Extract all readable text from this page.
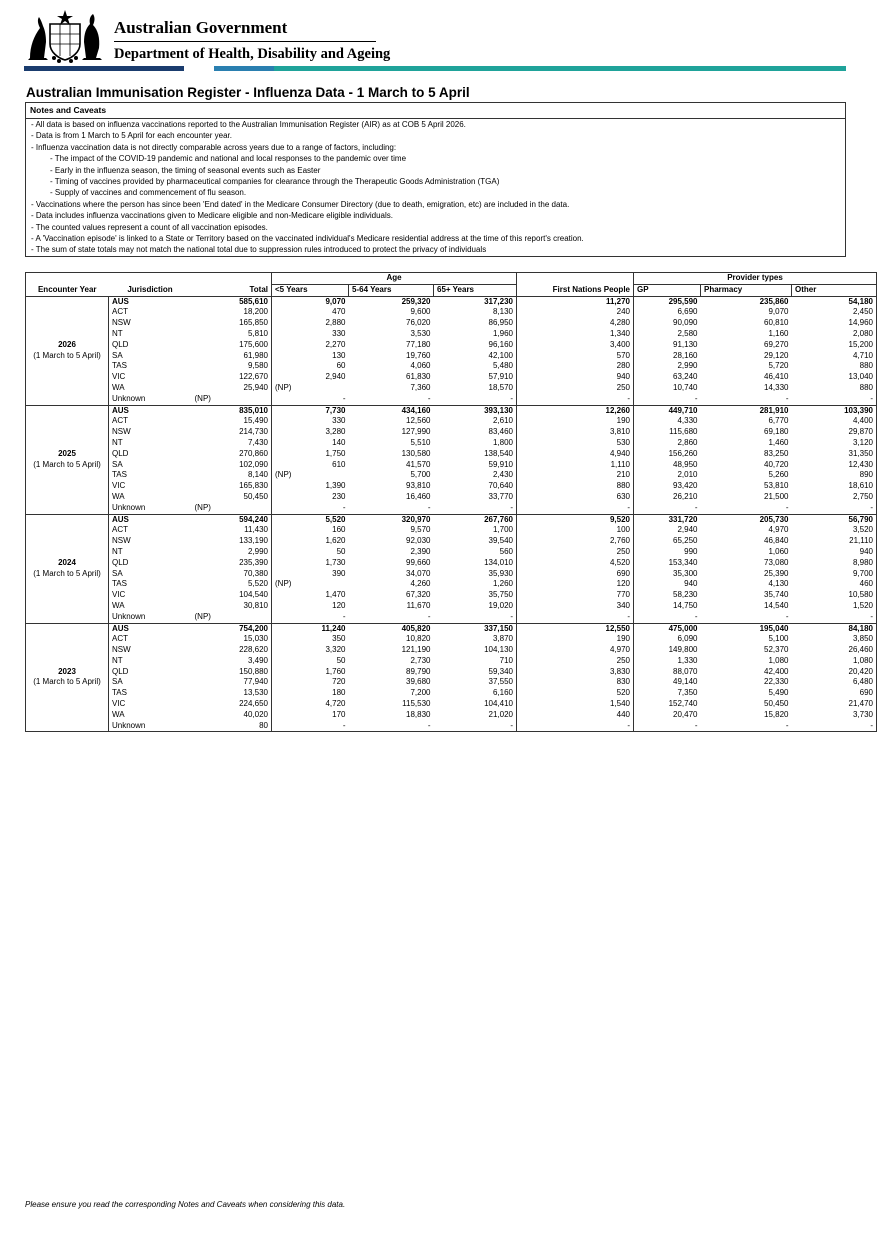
Australian Government
Department of Health, Disability and Ageing
Australian Immunisation Register - Influenza Data - 1 March to 5 April
Notes and Caveats
- All data is based on influenza vaccinations reported to the Australian Immunisation Register (AIR) as at COB 5 April 2026.
- Data is from 1 March to 5 April for each encounter year.
- Influenza vaccination data is not directly comparable across years due to a range of factors, including:
- The impact of the COVID-19 pandemic and national and local responses to the pandemic over time
- Early in the influenza season, the timing of seasonal events such as Easter
- Timing of vaccines provided by pharmaceutical companies for clearance through the Therapeutic Goods Administration (TGA)
- Supply of vaccines and commencement of flu season.
- Vaccinations where the person has since been 'End dated' in the Medicare Consumer Directory (due to death, emigration, etc) are included in the data.
- Data includes influenza vaccinations given to Medicare eligible and non-Medicare eligible individuals.
- The counted values represent a count of all vaccination episodes.
- A 'Vaccination episode' is linked to a State or Territory based on the vaccinated individual's Medicare residential address at the time of this report's creation.
- The sum of state totals may not match the national total due to suppression rules introduced to protect the privacy of individuals
			Age				Provider types		
Encounter Year	Jurisdiction	Total	<5 Years	5-64 Years	65+ Years	First Nations People	GP	Pharmacy	Other
	AUS	585,610	9,070	259,320	317,230	11,270	295,590	235,860	54,180
	ACT	18,200	470	9,600	8,130	240	6,690	9,070	2,450
	NSW	165,850	2,880	76,020	86,950	4,280	90,090	60,810	14,960
	NT	5,810	330	3,530	1,960	1,340	2,580	1,160	2,080

2026	QLD	175,600	2,270	77,180	96,160	3,400	91,130	69,270	15,200

(1 March to 5 April)	SA	61,980	130	19,760	42,100	570	28,160	29,120	4,710
	TAS	9,580	60	4,060	5,480	280	2,990	5,720	880
	VIC	122,670	2,940	61,830	57,910	940	63,240	46,410	13,040
	WA	25,940	(NP)	7,360	18,570	250	10,740	14,330	880
	Unknown	(NP)	-	-	-	-	-	-	-
	AUS	835,010	7,730	434,160	393,130	12,260	449,710	281,910	103,390
	ACT	15,490	330	12,560	2,610	190	4,330	6,770	4,400
	NSW	214,730	3,280	127,990	83,460	3,810	115,680	69,180	29,870
	NT	7,430	140	5,510	1,800	530	2,860	1,460	3,120

2025	QLD	270,860	1,750	130,580	138,540	4,940	156,260	83,250	31,350

(1 March to 5 April)	SA	102,090	610	41,570	59,910	1,110	48,950	40,720	12,430
	TAS	8,140	(NP)	5,700	2,430	210	2,010	5,260	890
	VIC	165,830	1,390	93,810	70,640	880	93,420	53,810	18,610
	WA	50,450	230	16,460	33,770	630	26,210	21,500	2,750
	Unknown	(NP)	-	-	-	-	-	-	-
	AUS	594,240	5,520	320,970	267,760	9,520	331,720	205,730	56,790
	ACT	11,430	160	9,570	1,700	100	2,940	4,970	3,520
	NSW	133,190	1,620	92,030	39,540	2,760	65,250	46,840	21,110
	NT	2,990	50	2,390	560	250	990	1,060	940

2024	QLD	235,390	1,730	99,660	134,010	4,520	153,340	73,080	8,980

(1 March to 5 April)	SA	70,380	390	34,070	35,930	690	35,300	25,390	9,700
	TAS	5,520	(NP)	4,260	1,260	120	940	4,130	460
	VIC	104,540	1,470	67,320	35,750	770	58,230	35,740	10,580
	WA	30,810	120	11,670	19,020	340	14,750	14,540	1,520
	Unknown	(NP)	-	-	-	-	-	-	-
	AUS	754,200	11,240	405,820	337,150	12,550	475,000	195,040	84,180
	ACT	15,030	350	10,820	3,870	190	6,090	5,100	3,850
	NSW	228,620	3,320	121,190	104,130	4,970	149,800	52,370	26,460
	NT	3,490	50	2,730	710	250	1,330	1,080	1,080

2023	QLD	150,880	1,760	89,790	59,340	3,830	88,070	42,400	20,420

(1 March to 5 April)	SA	77,940	720	39,680	37,550	830	49,140	22,330	6,480
	TAS	13,530	180	7,200	6,160	520	7,350	5,490	690
	VIC	224,650	4,720	115,530	104,410	1,540	152,740	50,450	21,470
	WA	40,020	170	18,830	21,020	440	20,470	15,820	3,730
	Unknown	80	-	-	-	-	-	-	-
Please ensure you read the corresponding Notes and Caveats when considering this data.
